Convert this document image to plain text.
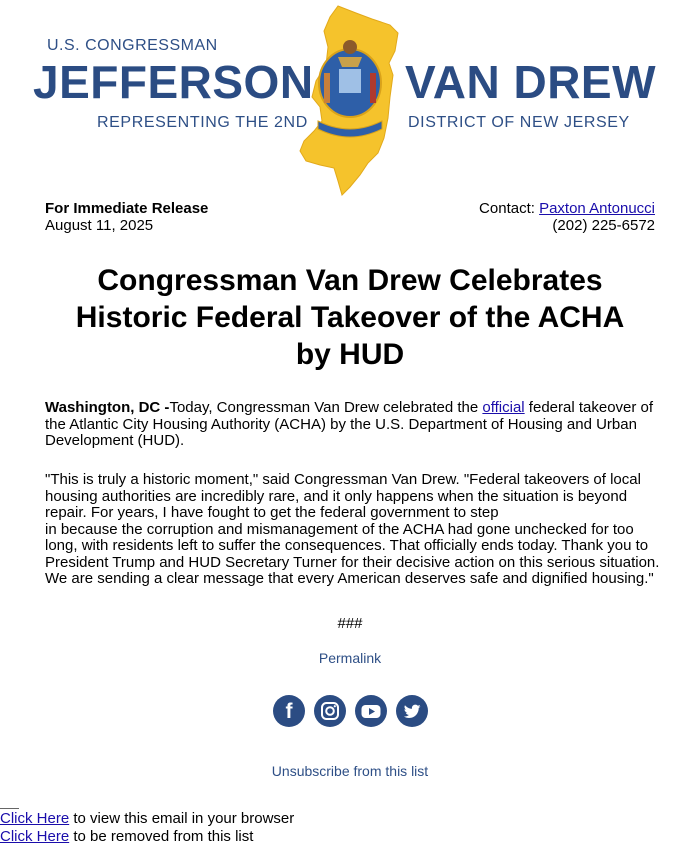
U.S. CONGRESSMAN
JEFFERSON VAN DREW
REPRESENTING THE 2ND	DISTRICT OF NEW JERSEY
For Immediate Release
August 11, 2025
Contact: Paxton Antonucci
(202) 225-6572
Congressman Van Drew Celebrates
Historic Federal Takeover of the ACHA
by HUD
Washington, DC -Today, Congressman Van Drew celebrated the official federal takeover of the Atlantic City Housing Authority (ACHA) by the U.S. Department of Housing and Urban Development (HUD).
"This is truly a historic moment," said Congressman Van Drew. "Federal takeovers of local housing authorities are incredibly rare, and it only happens when the situation is beyond repair. For years, I have fought to get the federal government to step
in because the corruption and mismanagement of the ACHA had gone unchecked for too long, with residents left to suffer the consequences. That officially ends today. Thank you to President Trump and HUD Secretary Turner for their decisive action on this serious situation. We are sending a clear message that every American deserves safe and dignified housing."
###
Permalink
f
Unsubscribe from this list
Click Here to view this email in your browser
Click Here to be removed from this list
